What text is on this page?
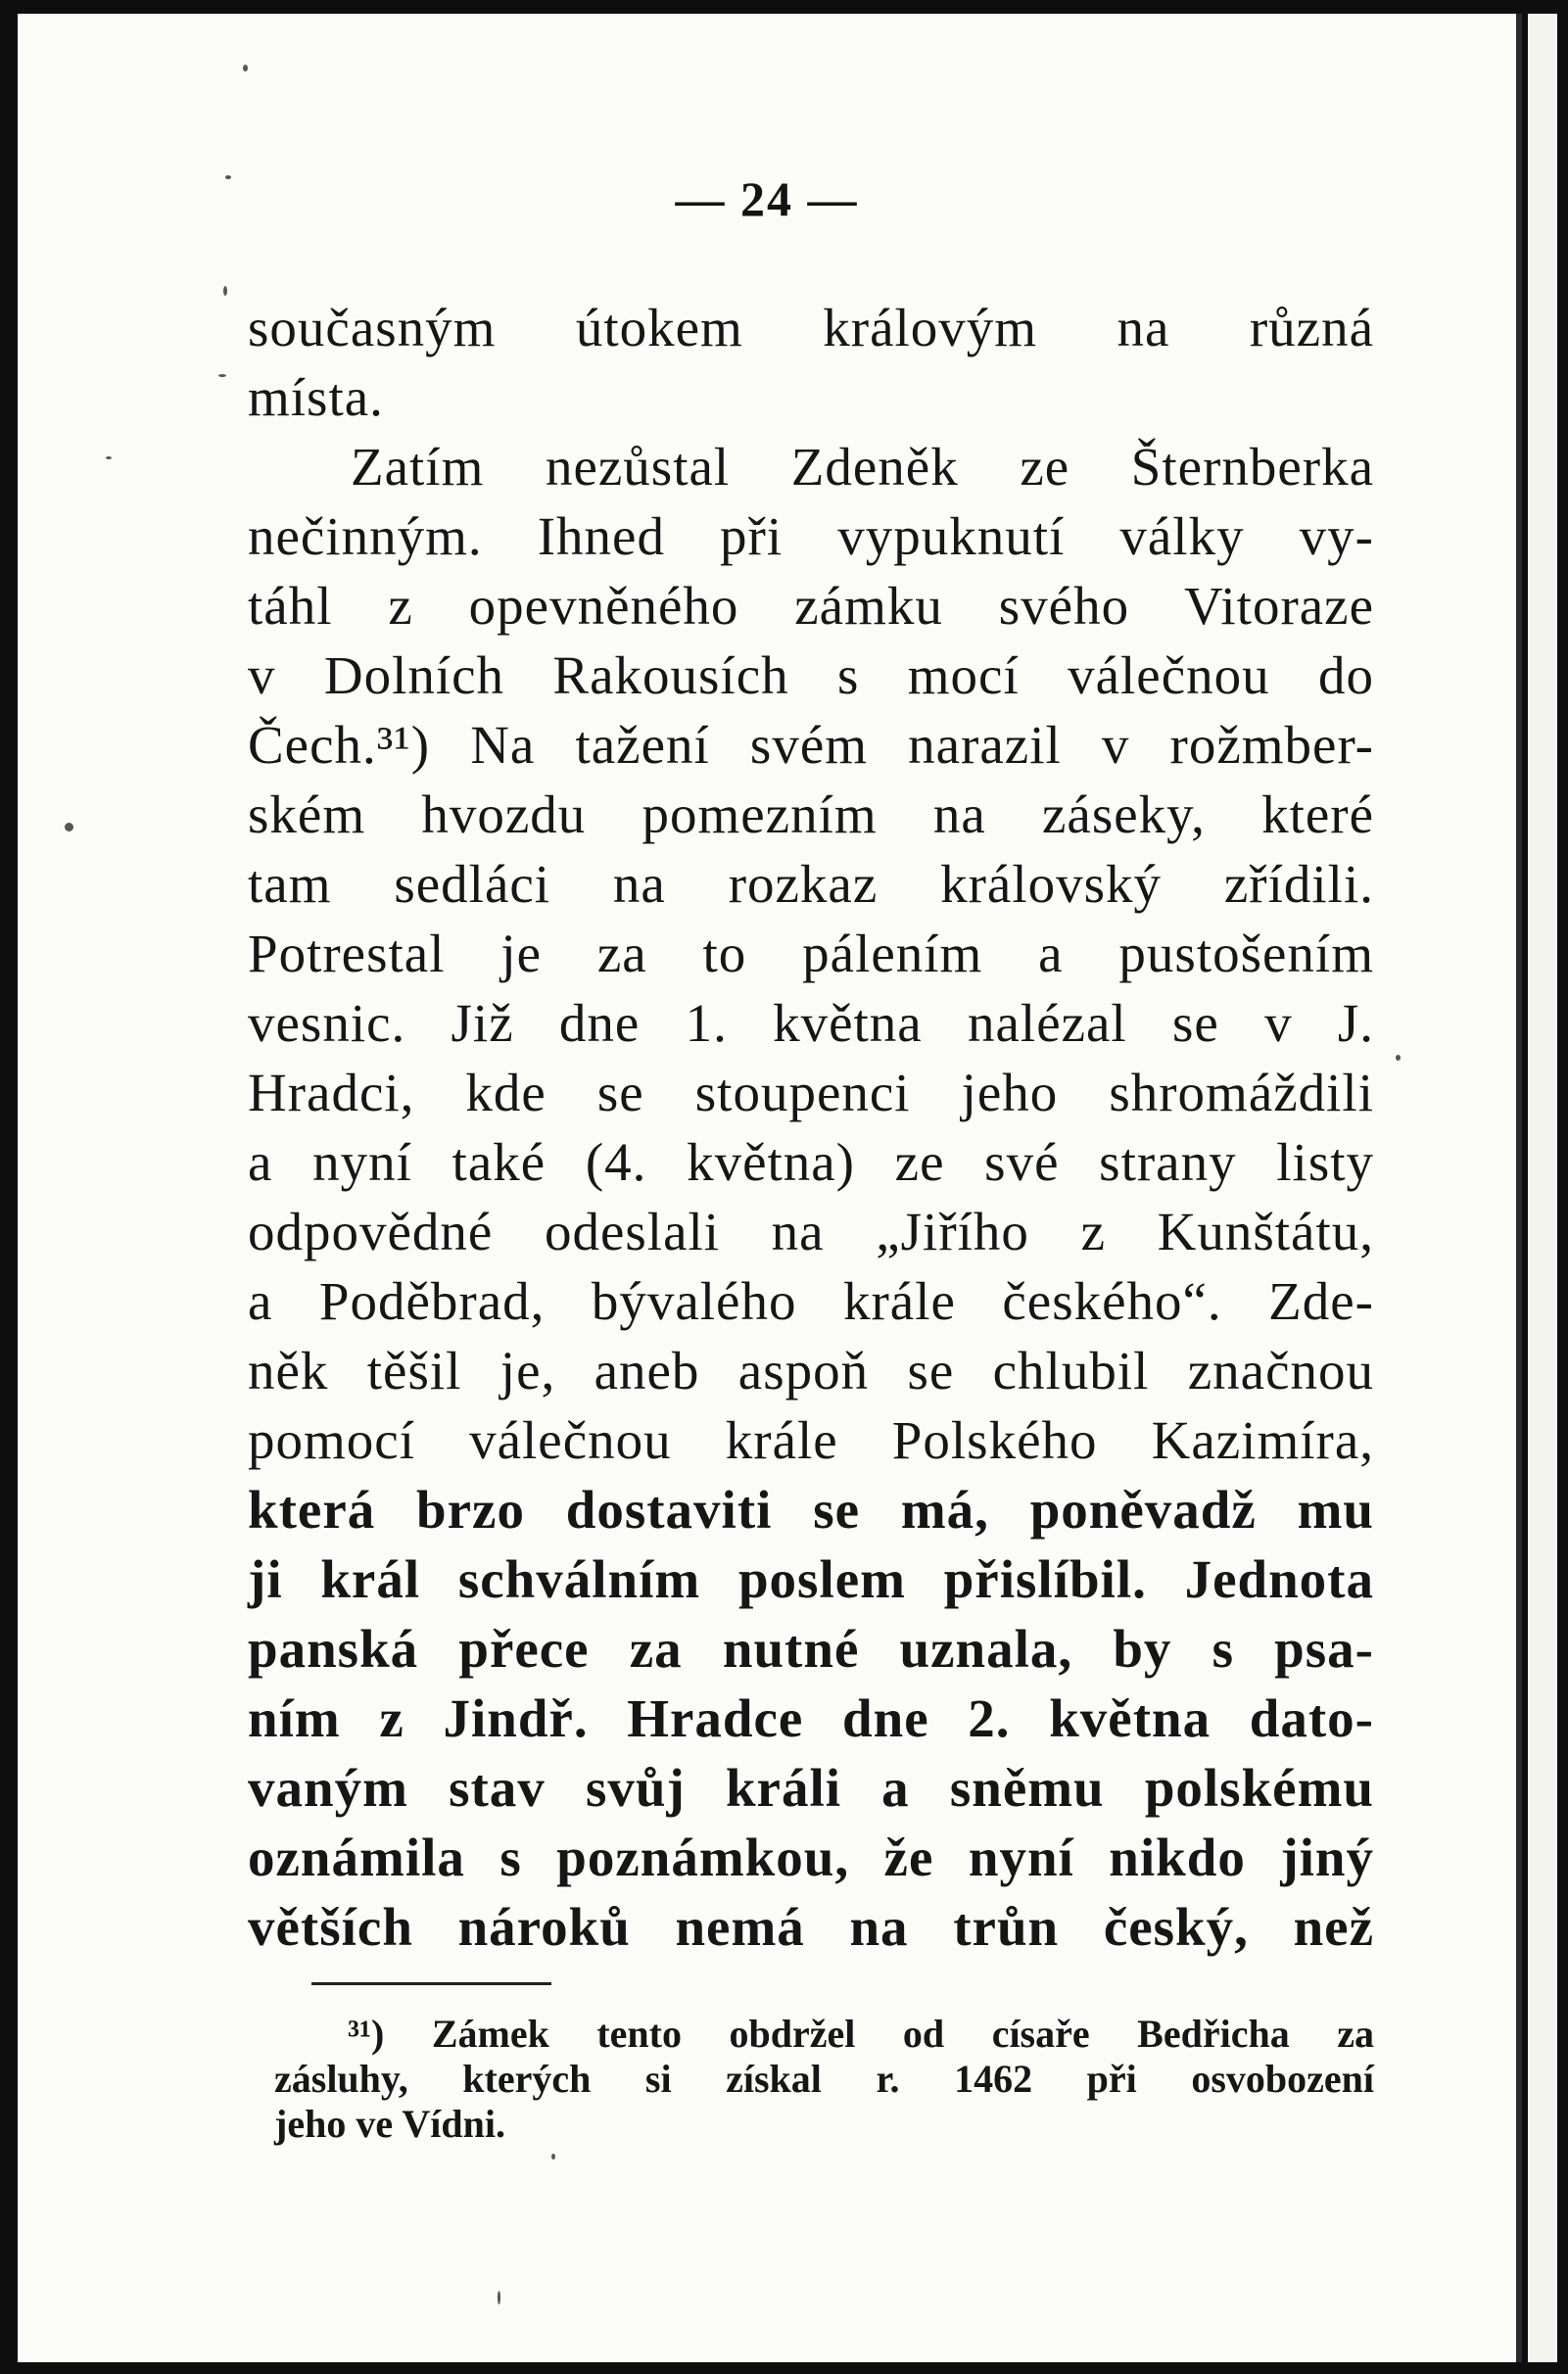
— 24 —
současným útokem královým na různá
místa.
Zatím nezůstal Zdeněk ze Šternberka
nečinným. Ihned při vypuknutí války vy-
táhl z opevněného zámku svého Vitoraze
v Dolních Rakousích s mocí válečnou do
Čech.³¹) Na tažení svém narazil v rožmber-
ském hvozdu pomezním na záseky, které
tam sedláci na rozkaz královský zřídili.
Potrestal je za to pálením a pustošením
vesnic. Již dne 1. května nalézal se v J.
Hradci, kde se stoupenci jeho shromáždili
a nyní také (4. května) ze své strany listy
odpovědné odeslali na „Jiřího z Kunštátu,
a Poděbrad, bývalého krále českého“. Zde-
něk těšil je, aneb aspoň se chlubil značnou
pomocí válečnou krále Polského Kazimíra,
která brzo dostaviti se má, poněvadž mu
ji král schválním poslem přislíbil. Jednota
panská přece za nutné uznala, by s psa-
ním z Jindř. Hradce dne 2. května dato-
vaným stav svůj králi a sněmu polskému
oznámila s poznámkou, že nyní nikdo jiný
větších nároků nemá na trůn český, než
³¹) Zámek tento obdržel od císaře Bedřicha za
zásluhy, kterých si získal r. 1462 při osvobození
jeho ve Vídni.
